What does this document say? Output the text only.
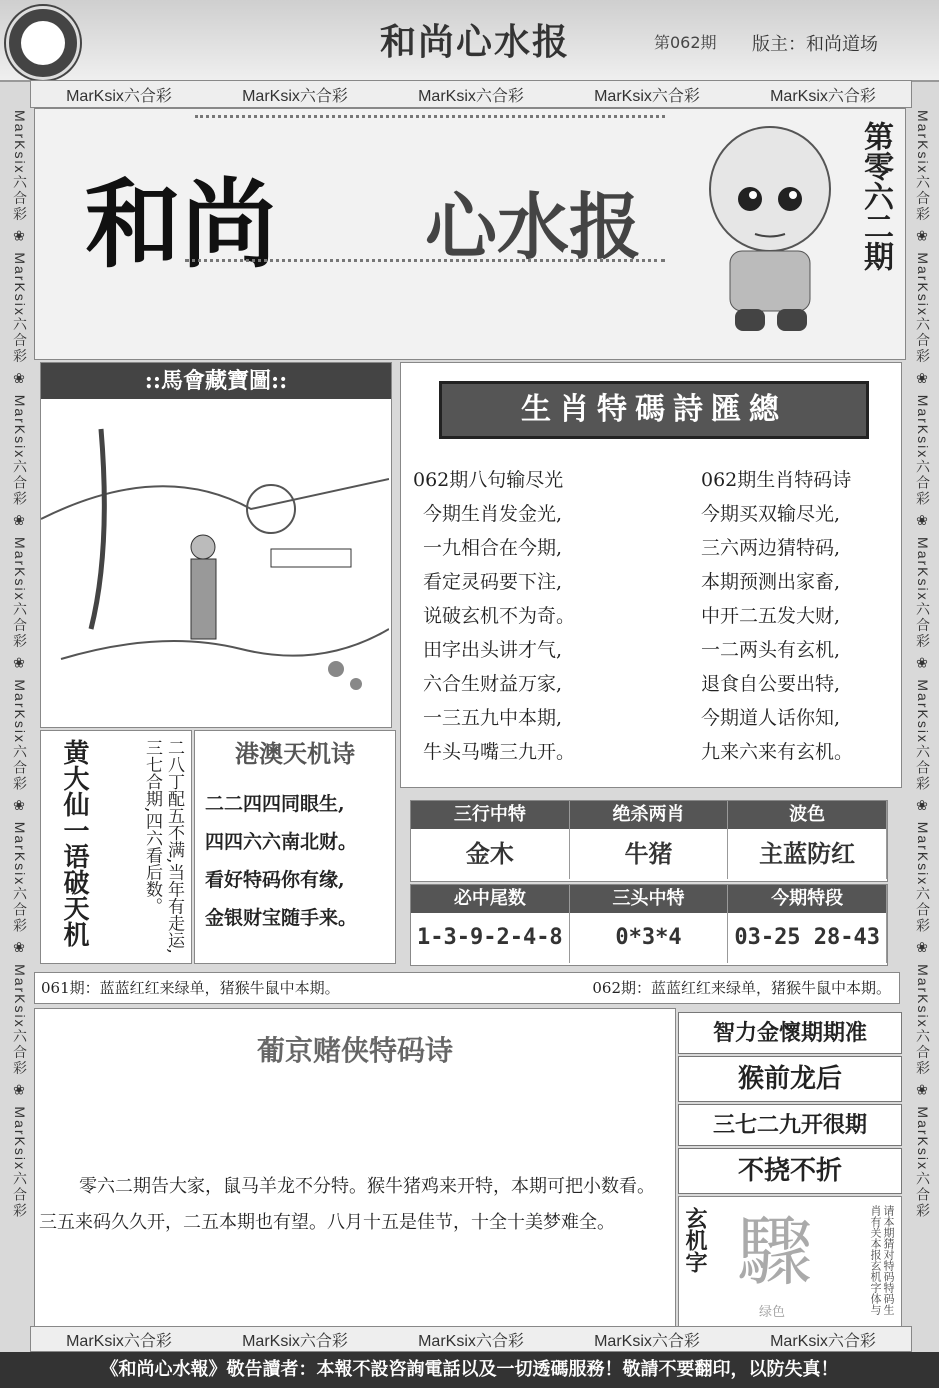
和尚心水报	第062期 版主：和尚道场
MarKsix六合彩	MarKsix六合彩	MarKsix六合彩	MarKsix六合彩	MarKsix六合彩
MarKsix六合彩 ❀ MarKsix六合彩 ❀ MarKsix六合彩 ❀ MarKsix六合彩 ❀ MarKsix六合彩 ❀ MarKsix六合彩 ❀ MarKsix六合彩 ❀ MarKsix六合彩
MarKsix六合彩 ❀ MarKsix六合彩 ❀ MarKsix六合彩 ❀ MarKsix六合彩 ❀ MarKsix六合彩 ❀ MarKsix六合彩 ❀ MarKsix六合彩 ❀ MarKsix六合彩
和尚 心水报	第零六二期
::馬會藏寶圖::
生肖特碼詩匯總
062期八句输尽光
今期生肖发金光,
一九相合在今期,
看定灵码要下注,
说破玄机不为奇。
田字出头讲才气,
六合生财益万家,
一三五九中本期,
牛头马嘴三九开。
062期生肖特码诗
今期买双输尽光,
三六两边猜特码,
本期预测出家畜,
中开二五发大财,
一二两头有玄机,
退食自公要出特,
今期道人话你知,
九来六来有玄机。
黄大仙一语破天机	二八丁配五不满,当年有走运,三七合期,四六看后数。	港澳天机诗
二二四四同眼生,
四四六六南北财。
看好特码你有缘,
金银财宝随手来。
三行中特	绝杀两肖	波色
金木	牛猪	主蓝防红
必中尾数	三头中特	今期特段
1-3-9-2-4-8	0*3*4	03-25 28-43
061期：蓝蓝红红来绿单，猪猴牛鼠中本期。	062期：蓝蓝红红来绿单，猪猴牛鼠中本期。
葡京赌侠特码诗
零六二期告大家，鼠马羊龙不分特。猴牛猪鸡来开特，本期可把小数看。三五来码久久开，二五本期也有望。八月十五是佳节，十全十美梦难全。
智力金懷期期准
猴前龙后
三七二九开很期
不挠不折
玄机字 驟
绿色	请本期猜对特码特码生肖有关本报玄机字体与
MarKsix六合彩	MarKsix六合彩	MarKsix六合彩	MarKsix六合彩	MarKsix六合彩
《和尚心水報》敬告讀者：本報不設咨詢電話以及一切透碼服務！敬請不要翻印，以防失真！
